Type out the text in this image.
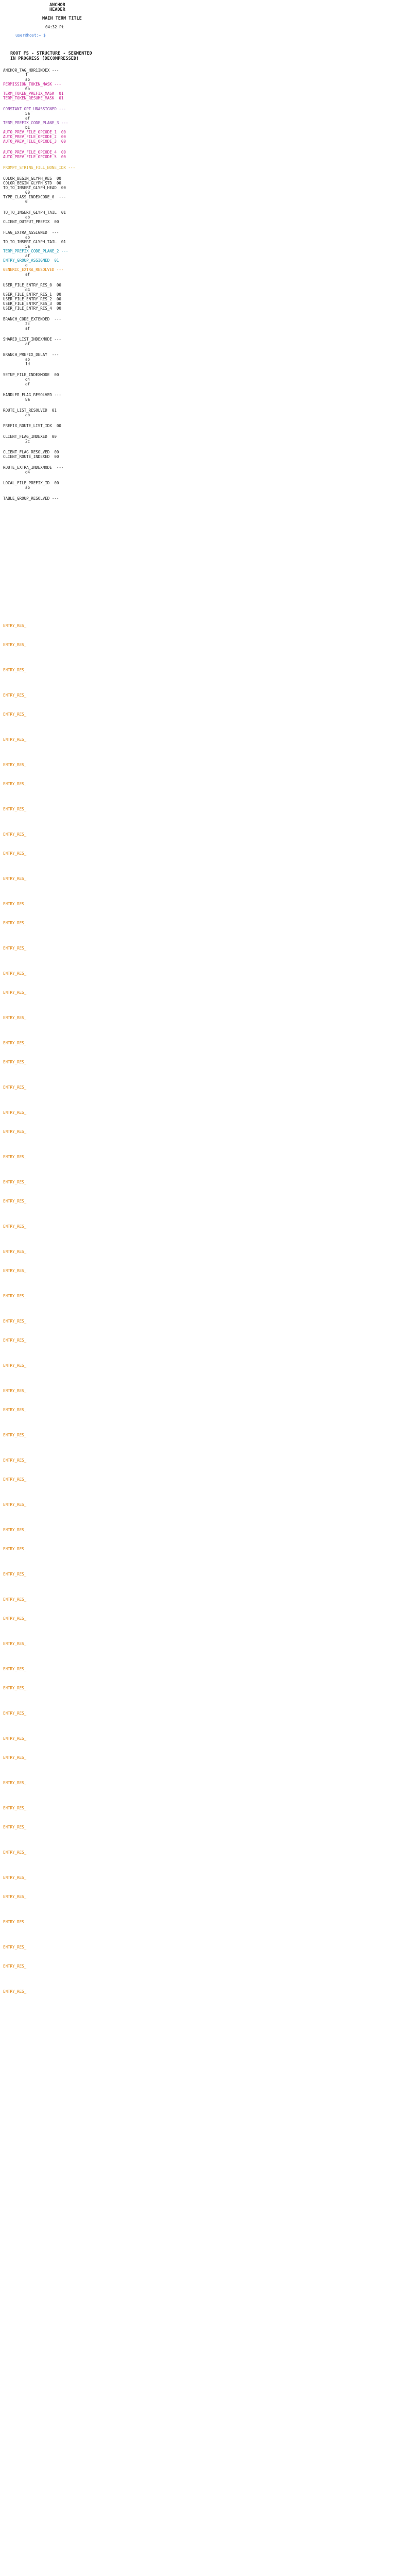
ANCHOR
HEADER
MAIN TERM TITLE
04:32 Pt
user@host:~ $
ROOT FS - STRUCTURE - SEGMENTED
IN PROGRESS (DECOMPRESSED)
ANCHOR_TAG_HDR1INDEX ---
1
ab
PERMISSION_TOKEN_MASK ---
0b
TERM_TOKEN_PREFIX_MASK  01
TERM_TOKEN_RESUME_MASK  01

CONSTANT_OPT_UNASSIGNED ---
5a
af
TERM_PREFIX_CODE_PLANE_3 ---
b1
AUTO_PREV_FILE_OPCODE_1  00
AUTO_PREV_FILE_OPCODE_2  00
AUTO_PREV_FILE_OPCODE_3  00

AUTO_PREV_FILE_OPCODE_4  00
AUTO_PREV_FILE_OPCODE_5  00

PROMPT_STRING_FILL_NONE_IDX ---

COLOR_BEGIN_GLYPH_RES  00
COLOR_BEGIN_GLYPH_STD  00
TO_TO_INSERT_GLYPH_HEAD  00
00
TYPE_CLASS_INDEXCODE_0  ---
0

TO_TO_INSERT_GLYPH_TAIL  01
ab
CLIENT_OUTPUT_PREFIX  00

FLAG_EXTRA_ASSIGNED  ---
ab
TO_TO_INSERT_GLYPH_TAIL  01
5a
TERM_PREFIX_CODE_PLANE_2 ---
af
ENTRY_GROUP_ASSIGNED  01
a
GENERIC_EXTRA_RESOLVED ---
af

USER_FILE_ENTRY_RES_0  00
d4
USER_FILE_ENTRY_RES_1  00
USER_FILE_ENTRY_RES_2  00
USER_FILE_ENTRY_RES_3  00
USER_FILE_ENTRY_RES_4  00

BRANCH_CODE_EXTENDED  ---
2c
af

SHARED_LIST_INDEXMODE ---
af

BRANCH_PREFIX_DELAY  ---
ab
1d

SETUP_FILE_INDEXMODE  00
d4
af

HANDLER_FLAG_RESOLVED ---
8a

ROUTE_LIST_RESOLVED  01
ab

PREFIX_ROUTE_LIST_IDX  00

CLIENT_FLAG_INDEXED  00
2c

CLIENT_FLAG_RESOLVED  00
CLIENT_ROUTE_INDEXED  00

ROUTE_EXTRA_INDEXMODE  ---
d4

LOCAL_FILE_PREFIX_ID  00
ab

TABLE_GROUP_RESOLVED ---

ENTRY_RES_
ENTRY_RES_
ENTRY_RES_
ENTRY_RES_
ENTRY_RES_
ENTRY_RES_
ENTRY_RES_
ENTRY_RES_
ENTRY_RES_
ENTRY_RES_
ENTRY_RES_
ENTRY_RES_
ENTRY_RES_
ENTRY_RES_
ENTRY_RES_
ENTRY_RES_
ENTRY_RES_
ENTRY_RES_
ENTRY_RES_
ENTRY_RES_
ENTRY_RES_
ENTRY_RES_
ENTRY_RES_
ENTRY_RES_
ENTRY_RES_
ENTRY_RES_
ENTRY_RES_
ENTRY_RES_
ENTRY_RES_
ENTRY_RES_
ENTRY_RES_
ENTRY_RES_
ENTRY_RES_
ENTRY_RES_
ENTRY_RES_
ENTRY_RES_
ENTRY_RES_
ENTRY_RES_
ENTRY_RES_
ENTRY_RES_
ENTRY_RES_
ENTRY_RES_
ENTRY_RES_
ENTRY_RES_
ENTRY_RES_
ENTRY_RES_
ENTRY_RES_
ENTRY_RES_
ENTRY_RES_
ENTRY_RES_
ENTRY_RES_
ENTRY_RES_
ENTRY_RES_
ENTRY_RES_
ENTRY_RES_
ENTRY_RES_
ENTRY_RES_
ENTRY_RES_
ENTRY_RES_
ENTRY_RES_
